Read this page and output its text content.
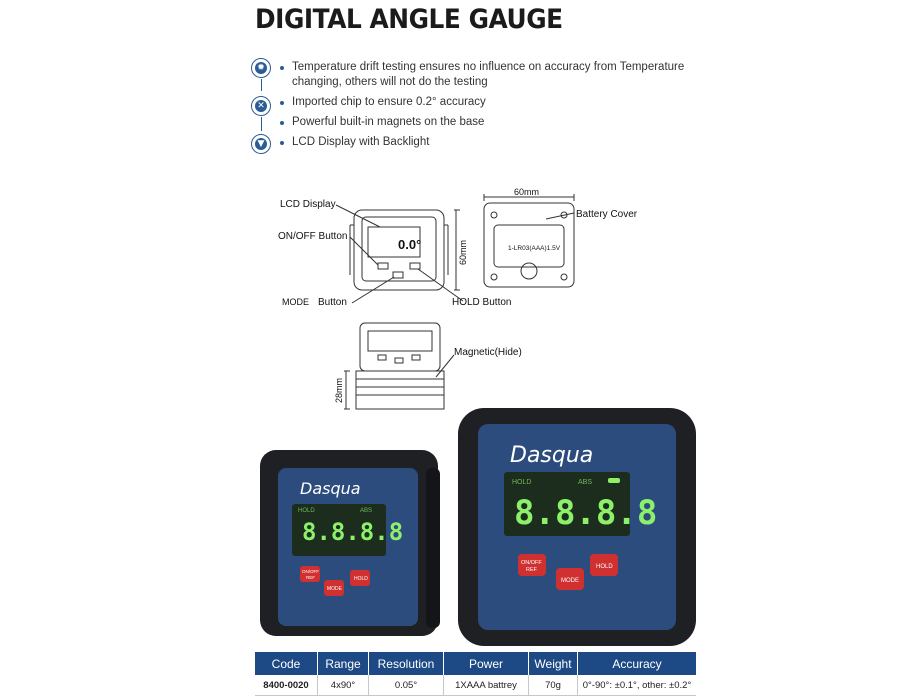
DIGITAL ANGLE GAUGE
✹
✕
▼
Temperature drift testing ensures no influence on accuracy from Temperature
changing, others will not do the testing
Imported chip to ensure 0.2° accuracy
Powerful built-in magnets on the base
LCD Display with Backlight
LCD Display
ON/OFF Button
MODE Button	HOLD Button
0.0°	60mm
60mm
Battery Cover
1-LR03(AAA)1.5V
Magnetic(Hide)
28mm
Dasqua
HOLD	ABS
8.8.8.8
ON/OFF
REF
MODE
HOLD
Dasqua
HOLD	ABS
8.8.8.8
ON/OFF
REF
MODE
HOLD
Code	Range	Resolution	Power	Weight	Accuracy
8400-0020	4x90°	0.05°	1XAAA battrey	70g	0°-90°: ±0.1°, other: ±0.2°
